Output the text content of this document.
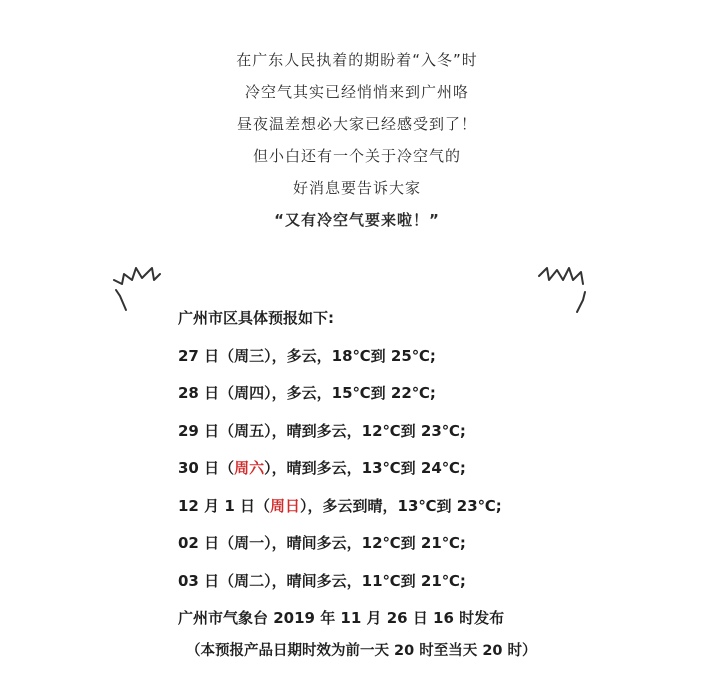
在广东人民执着的期盼着“入冬”时
冷空气其实已经悄悄来到广州咯
昼夜温差想必大家已经感受到了！
但小白还有一个关于冷空气的
好消息要告诉大家
“又有冷空气要来啦！”
广州市区具体预报如下:
27 日（周三），多云，18℃到 25℃;
28 日（周四），多云，15℃到 22℃;
29 日（周五），晴到多云，12℃到 23℃;
30 日（周六），晴到多云，13℃到 24℃;
12 月 1 日（周日），多云到晴，13℃到 23℃;
02 日（周一），晴间多云，12℃到 21℃;
03 日（周二），晴间多云，11℃到 21℃;
广州市气象台 2019 年 11 月 26 日 16 时发布
（本预报产品日期时效为前一天 20 时至当天 20 时）
